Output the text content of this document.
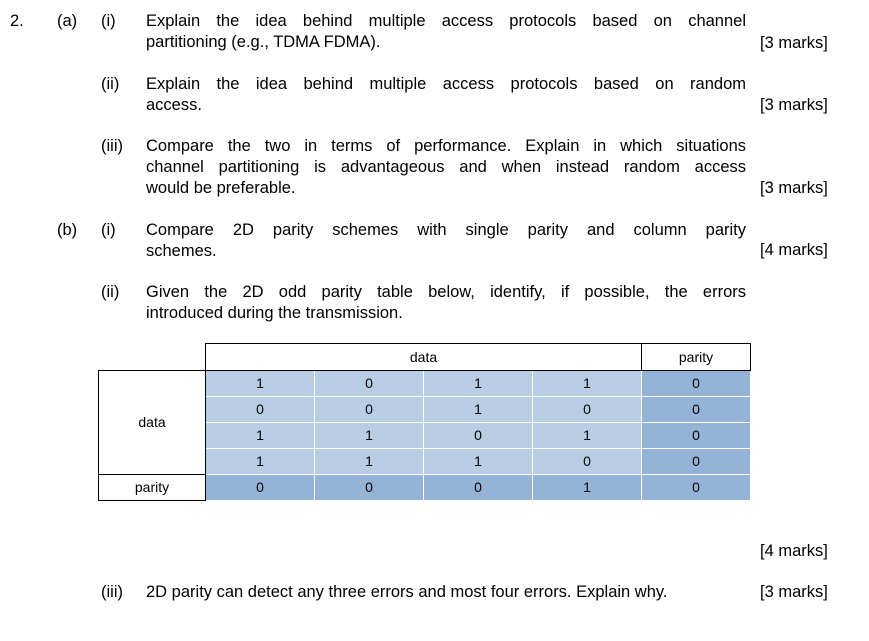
2. (a) (i) Explain the idea behind multiple access protocols based on channel
partitioning (e.g., TDMA FDMA).	[3 marks]
(ii) Explain the idea behind multiple access protocols based on random
access.	[3 marks]
(iii) Compare the two in terms of performance. Explain in which situations
channel partitioning is advantageous and when instead random access
would be preferable.	[3 marks]
(b) (i) Compare 2D parity schemes with single parity and column parity
schemes.	[4 marks]
(ii) Given the 2D odd parity table below, identify, if possible, the errors
introduced during the transmission.
	data				parity
data	1	0	1	1	0
	0	0	1	0	0
	1	1	0	1	0
	1	1	1	0	0
parity	0	0	0	1	0
[4 marks]
(iii) 2D parity can detect any three errors and most four errors. Explain why.	[3 marks]
